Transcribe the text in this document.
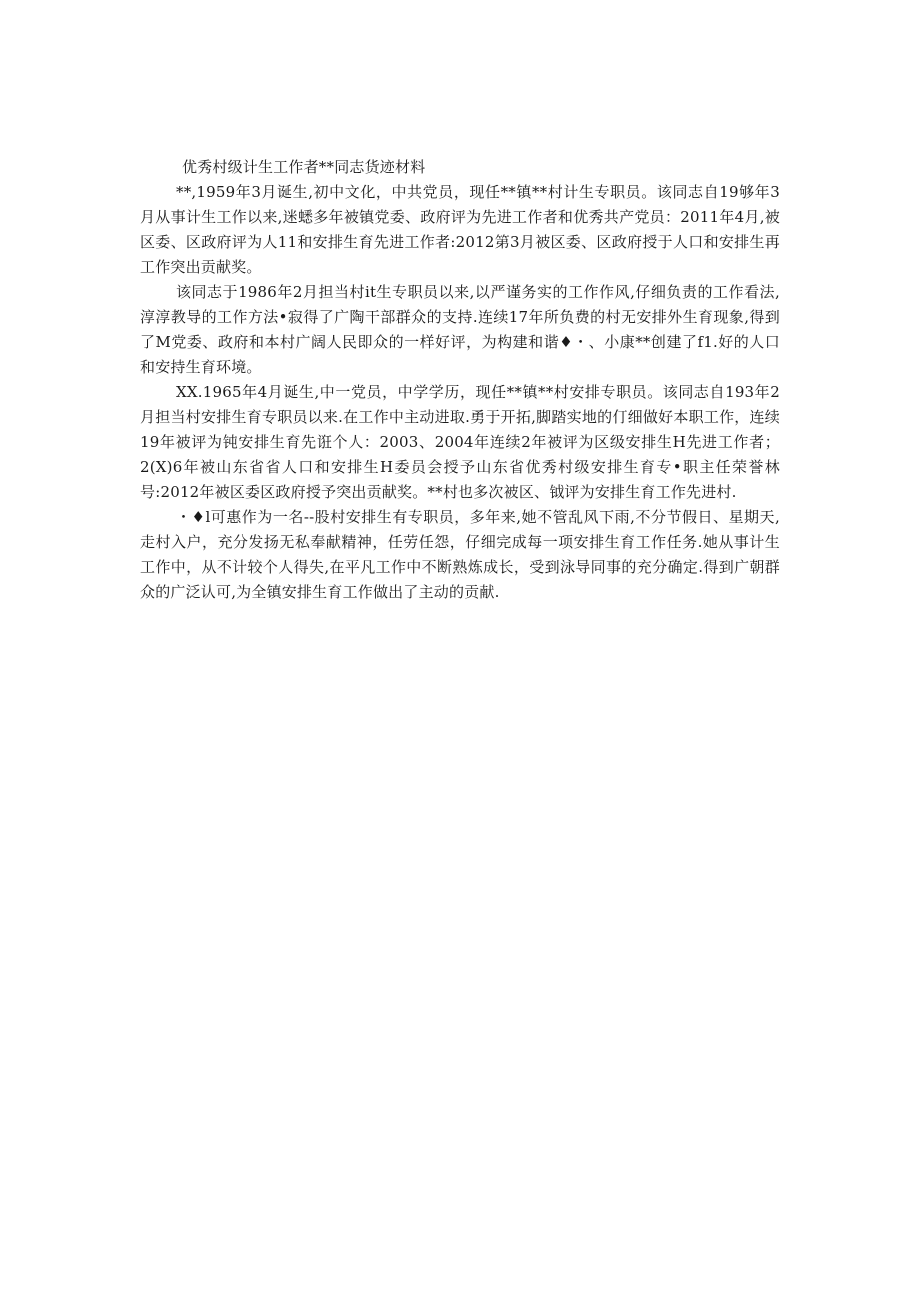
优秀村级计生工作者**同志货迹材料

**,1959年3月诞生,初中文化，中共党员，现任**镇**村计生专职员。该同志自19够年3月从事计生工作以来,迷蟋多年被镇党委、政府评为先进工作者和优秀共产党员：2011年4月,被区委、区政府评为人11和安排生育先进工作者:2012第3月被区委、区政府授于人口和安排生再工作突出贡献奖。

该同志于1986年2月担当村it生专职员以来,以严谨务实的工作作风,仔细负责的工作看法,淳淳教导的工作方法•寂得了广陶干部群众的支持.连续17年所负费的村无安排外生育现象,得到了M党委、政府和本村广阔人民即众的一样好评，为构建和谐♦・、小康**创建了f1.好的人口和安持生育环境。

XX.1965年4月诞生,中一党员，中学学历，现任**镇**村安排专职员。该同志自193年2月担当村安排生育专职员以来.在工作中主动进取.勇于开拓,脚踏实地的仃细做好本职工作，连续19年被评为钝安排生育先诳个人：2003、2004年连续2年被评为区级安排生H先进工作者；2(X)6年被山东省省人口和安排生H委员会授予山东省优秀村级安排生育专•职主任荣誉林号:2012年被区委区政府授予突出贡献奖。**村也多次被区、钺评为安排生育工作先进村.

・♦l可惠作为一名--股村安排生有专职员，多年来,她不管乱风下雨,不分节假日、星期天,走村入户，充分发扬无私奉献精神，任劳任怨，仔细完成每一项安排生育工作任务.她从事计生工作中，从不计较个人得失,在平凡工作中不断熟炼成长，受到泳导同事的充分确定.得到广朝群众的广泛认可,为全镇安排生育工作做出了主动的贡献.
